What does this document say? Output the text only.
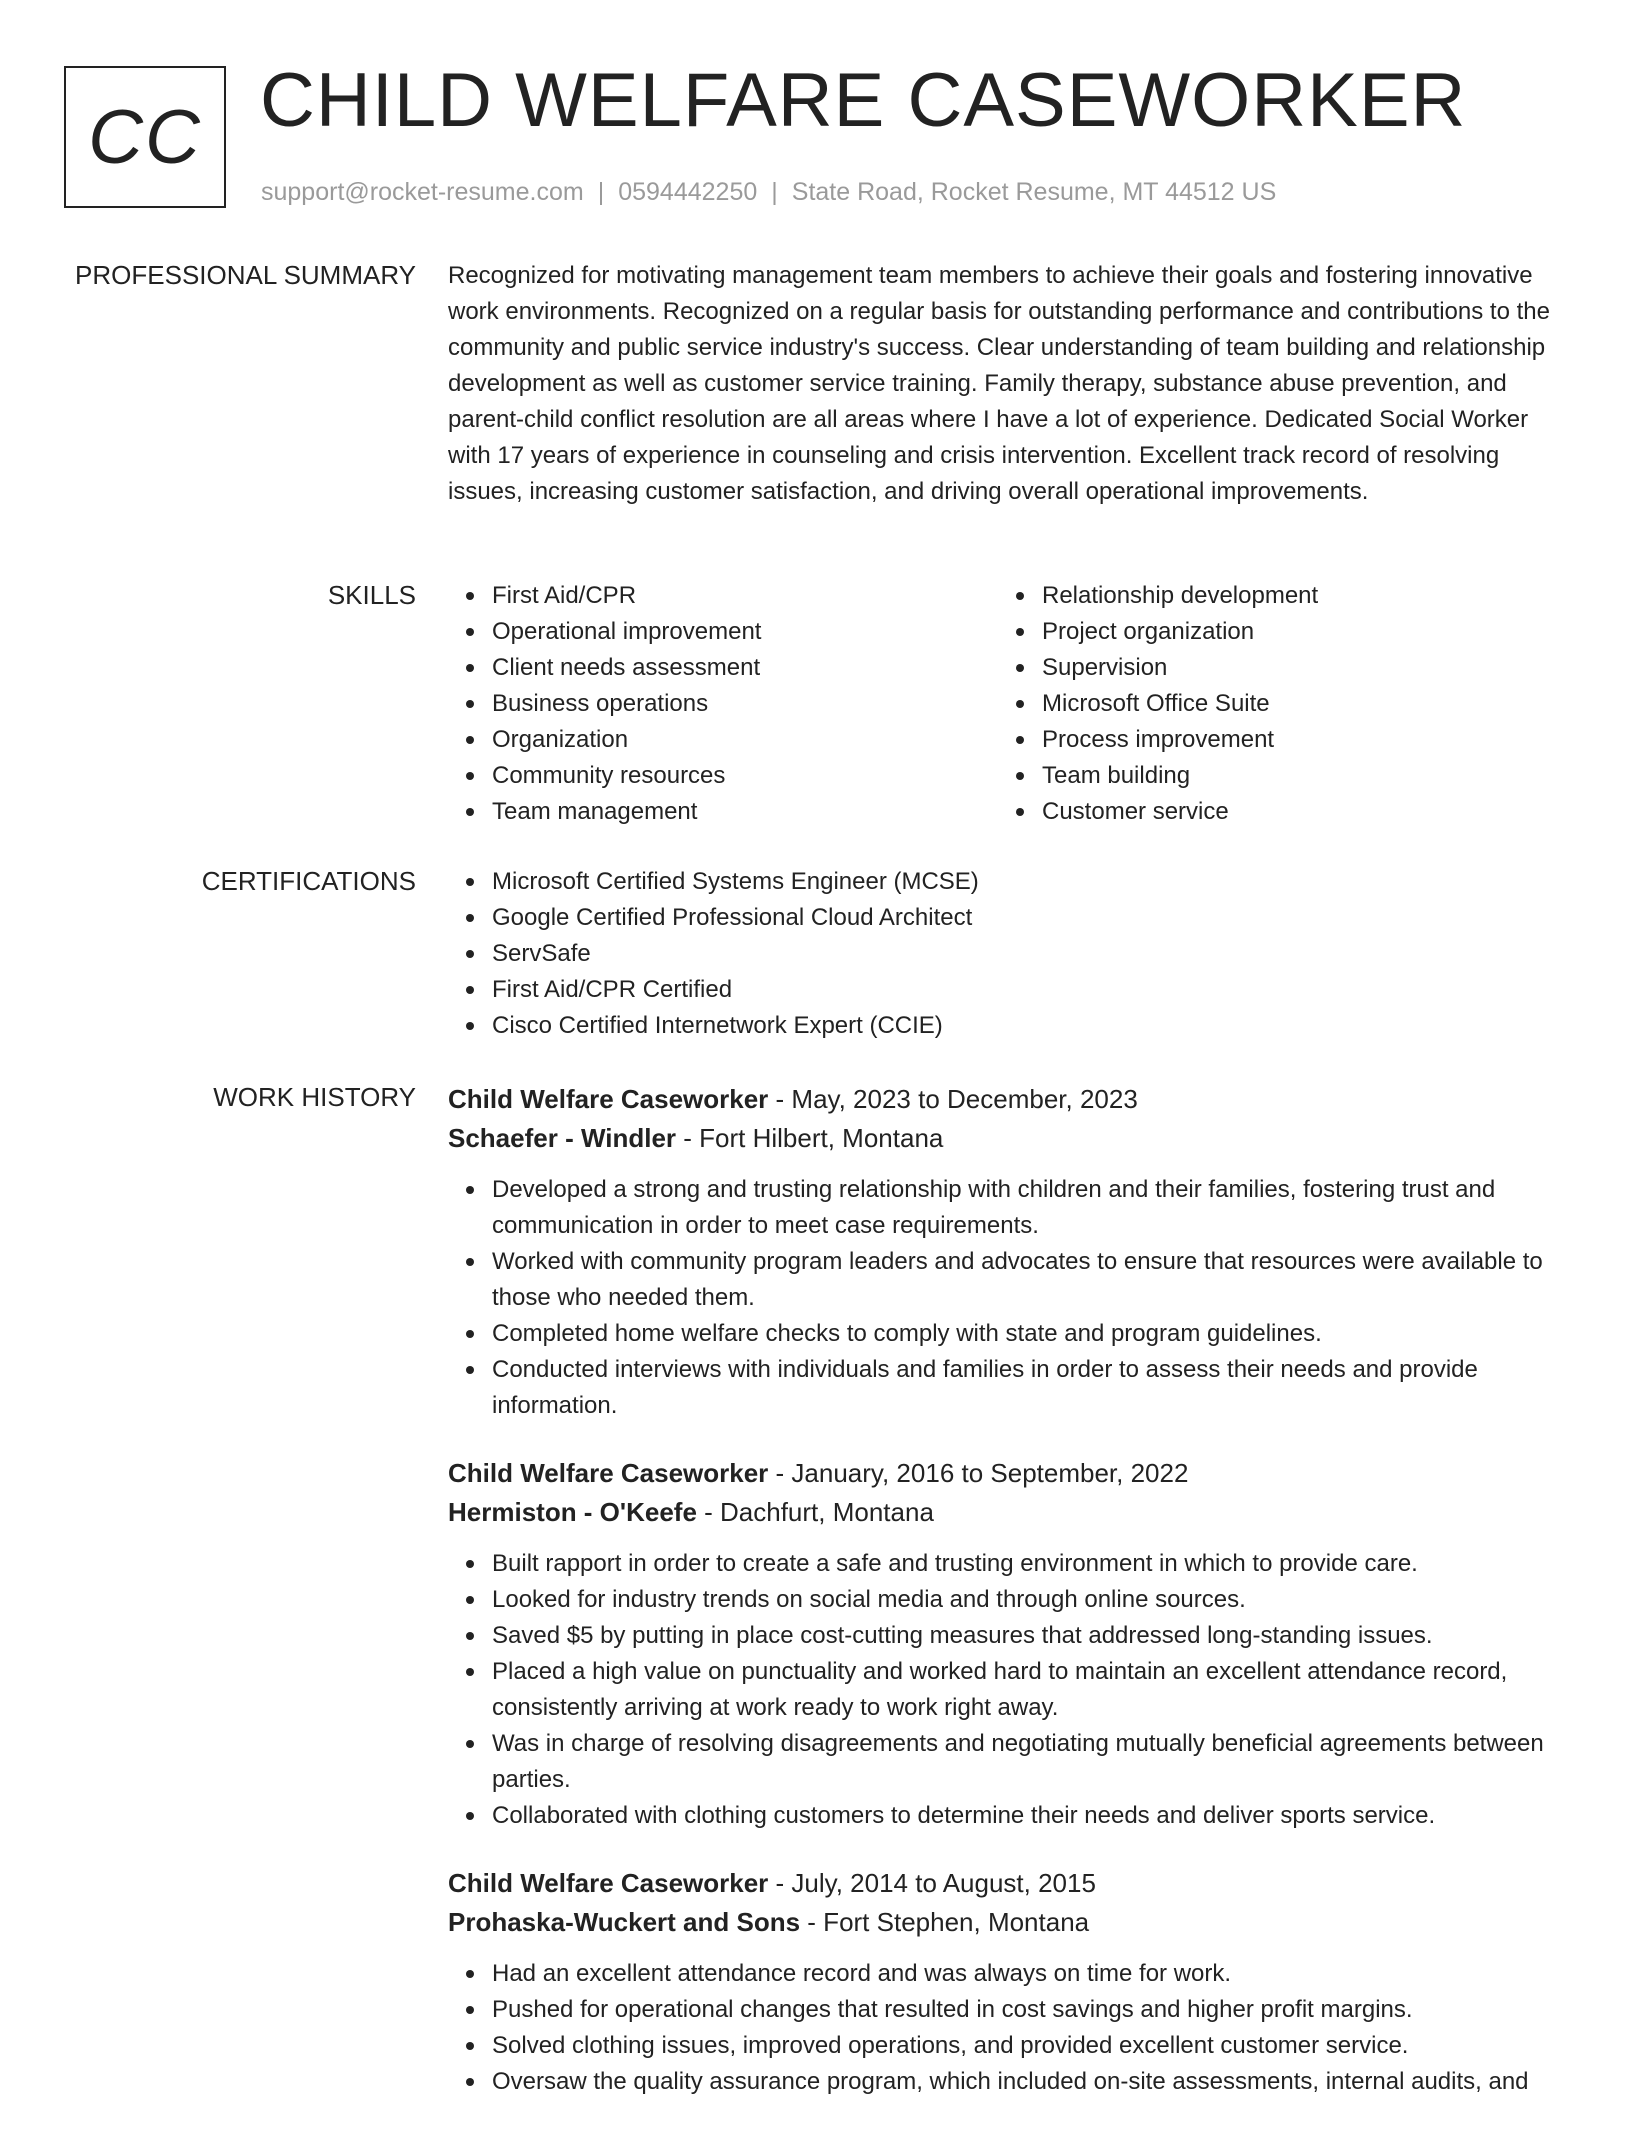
CC CHILD WELFARE CASEWORKER
support@rocket-resume.com | 0594442250 | State Road, Rocket Resume, MT 44512 US
PROFESSIONAL SUMMARY Recognized for motivating management team members to achieve their goals and fostering innovative work environments. Recognized on a regular basis for outstanding performance and contributions to the community and public service industry's success. Clear understanding of team building and relationship development as well as customer service training. Family therapy, substance abuse prevention, and parent-child conflict resolution are all areas where I have a lot of experience. Dedicated Social Worker with 17 years of experience in counseling and crisis intervention. Excellent track record of resolving issues, increasing customer satisfaction, and driving overall operational improvements.

SKILLS	First Aid/CPR
Operational improvement
Client needs assessment
Business operations
Organization
Community resources
Team management
Relationship development
Project organization
Supervision
Microsoft Office Suite
Process improvement
Team building
Customer service
CERTIFICATIONS	Microsoft Certified Systems Engineer (MCSE)
Google Certified Professional Cloud Architect
ServSafe
First Aid/CPR Certified
Cisco Certified Internetwork Expert (CCIE)
WORK HISTORY Child Welfare Caseworker - May, 2023 to December, 2023
Schaefer - Windler - Fort Hilbert, Montana
Developed a strong and trusting relationship with children and their families, fostering trust and communication in order to meet case requirements.
Worked with community program leaders and advocates to ensure that resources were available to those who needed them.
Completed home welfare checks to comply with state and program guidelines.
Conducted interviews with individuals and families in order to assess their needs and provide information.
Child Welfare Caseworker - January, 2016 to September, 2022
Hermiston - O'Keefe - Dachfurt, Montana
Built rapport in order to create a safe and trusting environment in which to provide care.
Looked for industry trends on social media and through online sources.
Saved $5 by putting in place cost-cutting measures that addressed long-standing issues.
Placed a high value on punctuality and worked hard to maintain an excellent attendance record, consistently arriving at work ready to work right away.
Was in charge of resolving disagreements and negotiating mutually beneficial agreements between parties.
Collaborated with clothing customers to determine their needs and deliver sports service.
Child Welfare Caseworker - July, 2014 to August, 2015
Prohaska-Wuckert and Sons - Fort Stephen, Montana
Had an excellent attendance record and was always on time for work.
Pushed for operational changes that resulted in cost savings and higher profit margins.
Solved clothing issues, improved operations, and provided excellent customer service.
Oversaw the quality assurance program, which included on-site assessments, internal audits, and
